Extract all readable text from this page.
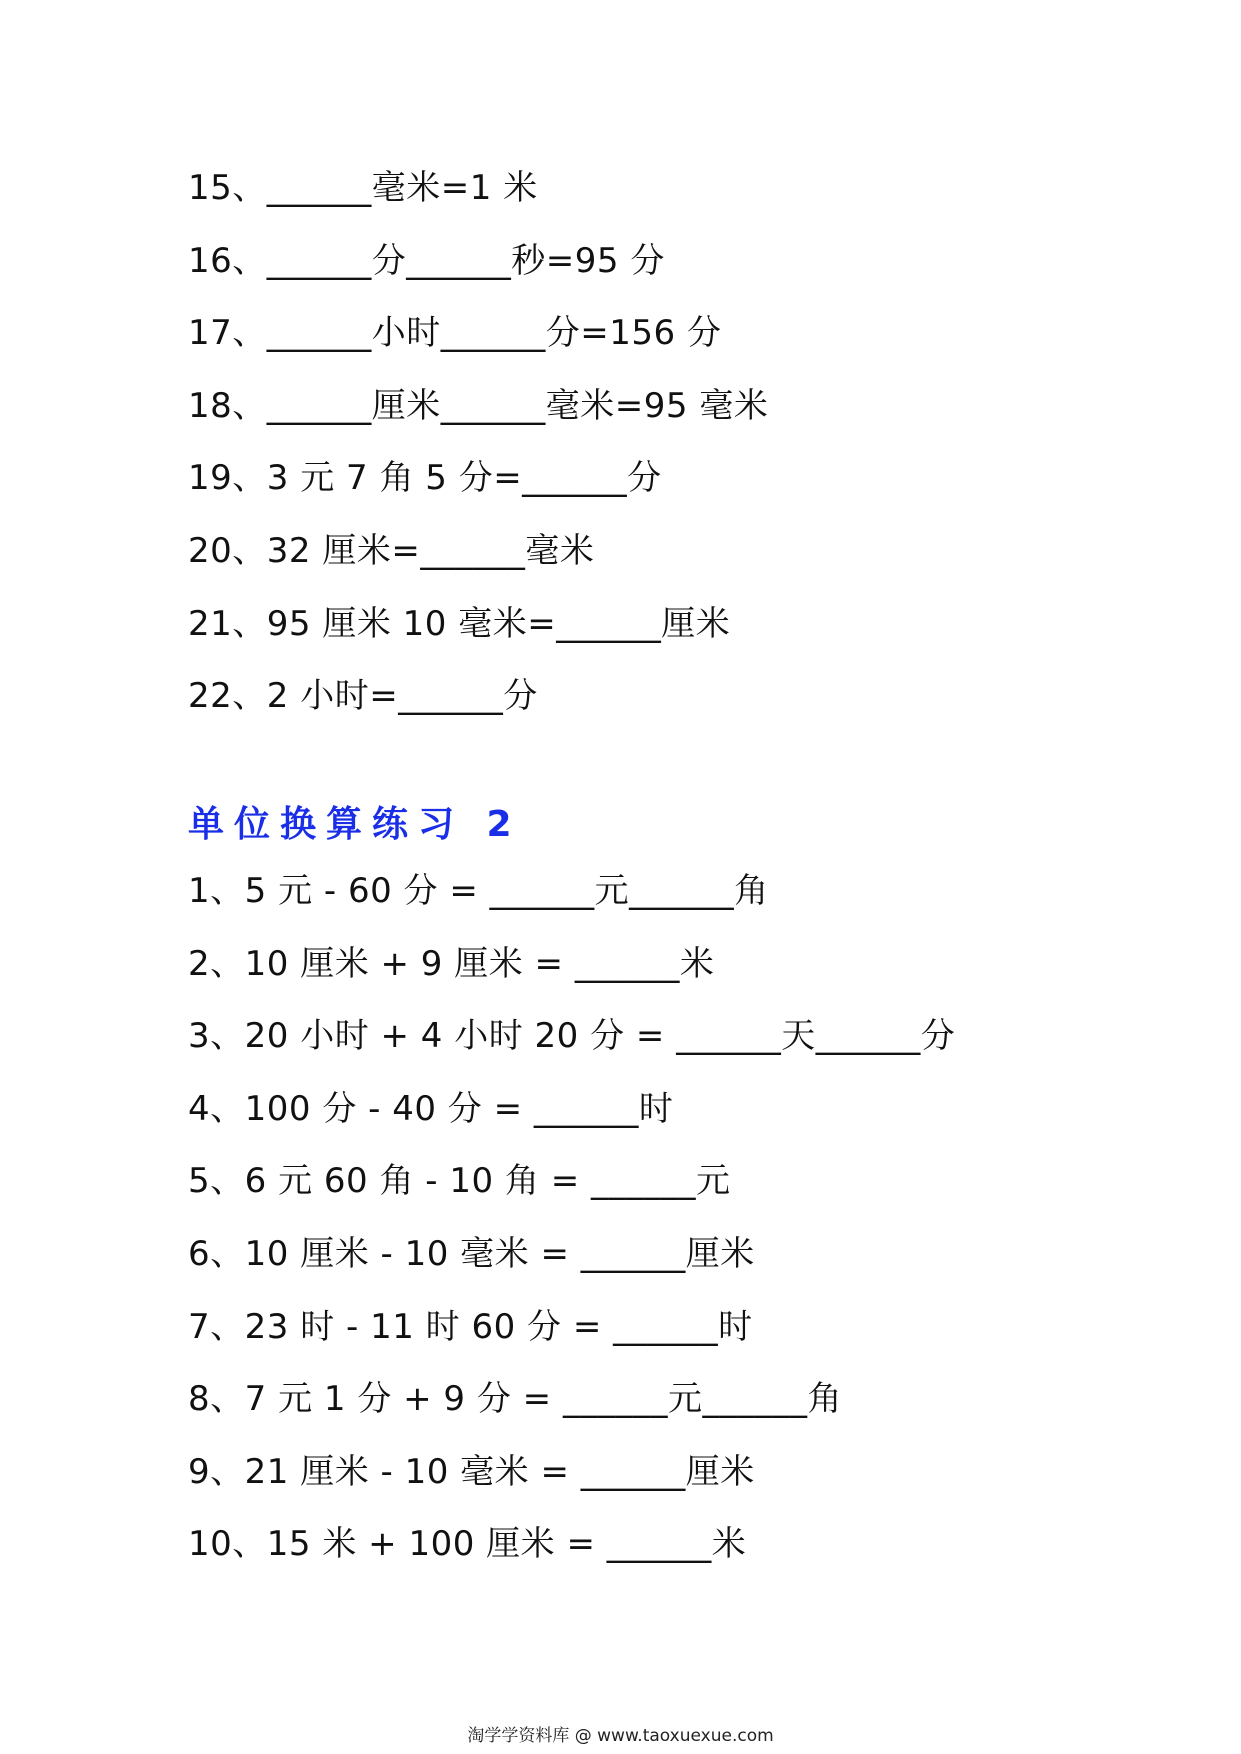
15、______毫米=1 米
16、______分______秒=95 分
17、______小时______分=156 分
18、______厘米______毫米=95 毫米
19、3 元 7 角 5 分=______分
20、32 厘米=______毫米
21、95 厘米 10 毫米=______厘米
22、2 小时=______分
单位换算练习 2
1、5 元 - 60 分 = ______元______角
2、10 厘米 + 9 厘米 = ______米
3、20 小时 + 4 小时 20 分 = ______天______分
4、100 分 - 40 分 = ______时
5、6 元 60 角 - 10 角 = ______元
6、10 厘米 - 10 毫米 = ______厘米
7、23 时 - 11 时 60 分 = ______时
8、7 元 1 分 + 9 分 = ______元______角
9、21 厘米 - 10 毫米 = ______厘米
10、15 米 + 100 厘米 = ______米
淘学学资料库 @ www.taoxuexue.com
